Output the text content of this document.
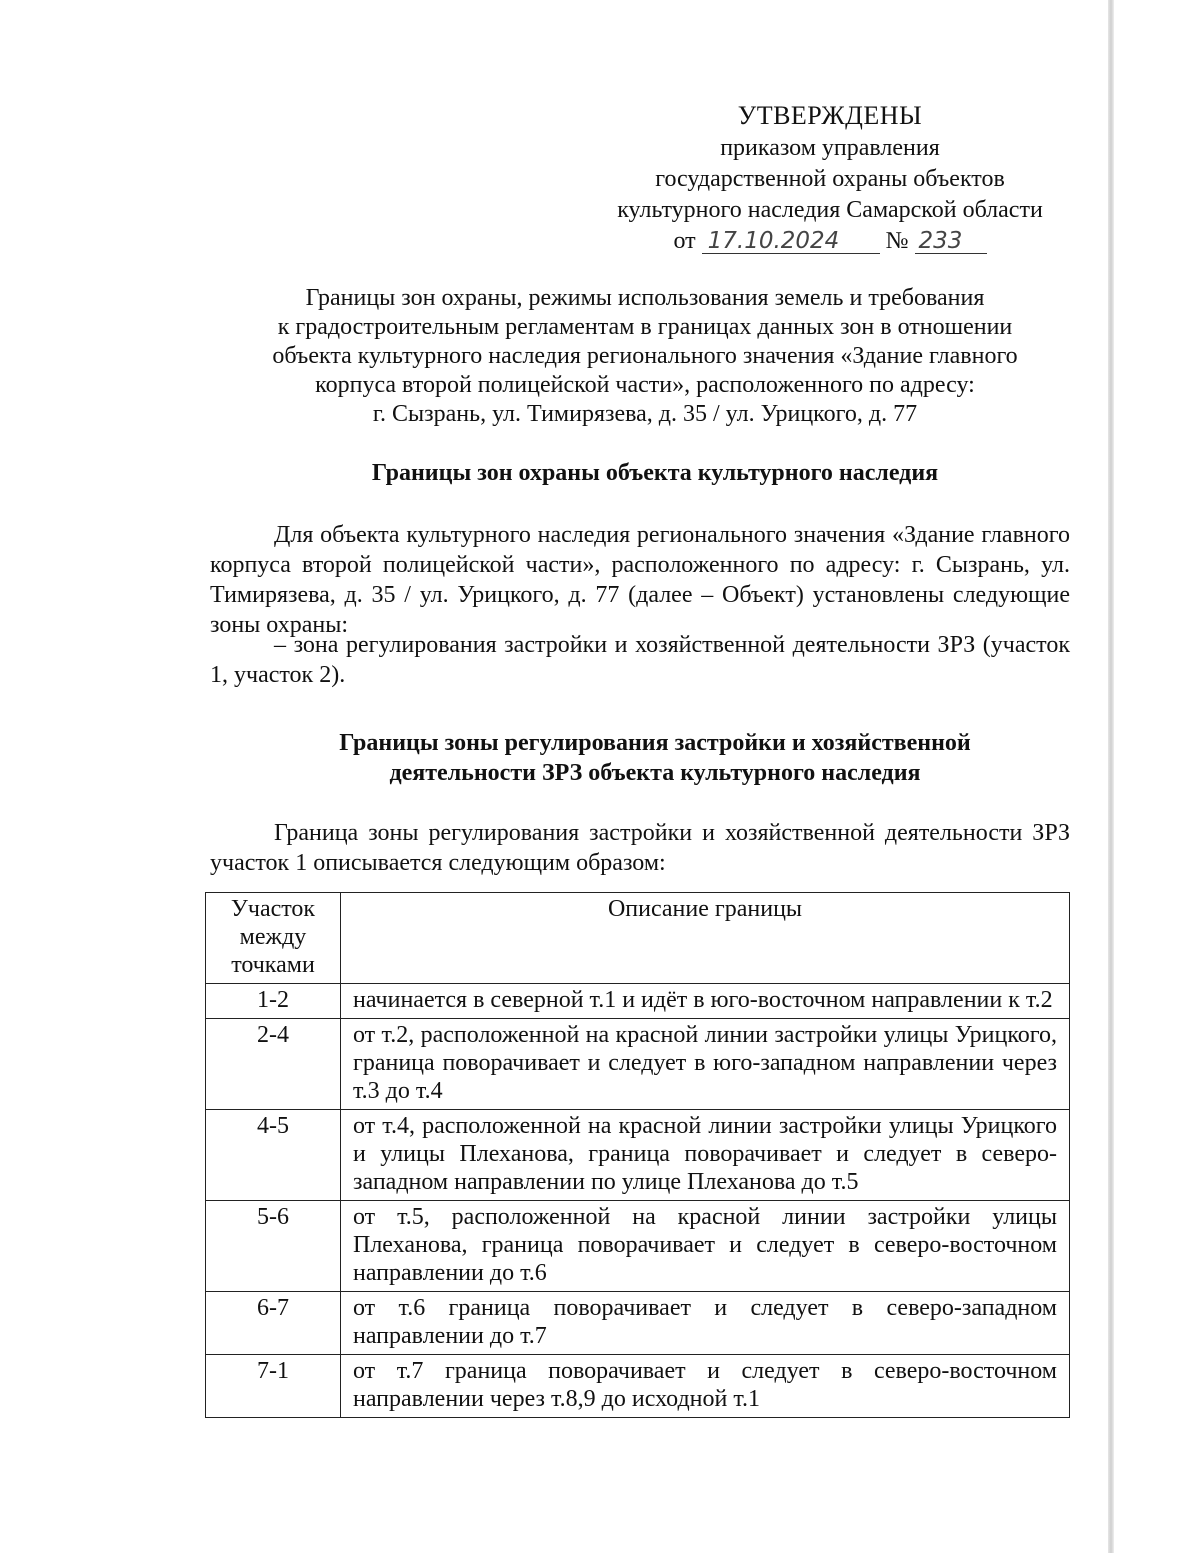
УТВЕРЖДЕНЫ
приказом управления
государственной охраны объектов
культурного наследия Самарской области
от 17.10.2024 № 233
Границы зон охраны, режимы использования земель и требования
к градостроительным регламентам в границах данных зон в отношении
объекта культурного наследия регионального значения «Здание главного
корпуса второй полицейской части», расположенного по адресу:
г. Сызрань, ул. Тимирязева, д. 35 / ул. Урицкого, д. 77
Границы зон охраны объекта культурного наследия
Для объекта культурного наследия регионального значения «Здание главного корпуса второй полицейской части», расположенного по адресу: г. Сызрань, ул. Тимирязева, д. 35 / ул. Урицкого, д. 77 (далее – Объект) установлены следующие зоны охраны:
– зона регулирования застройки и хозяйственной деятельности ЗРЗ (участок 1, участок 2).
Границы зоны регулирования застройки и хозяйственной
деятельности ЗРЗ объекта культурного наследия
Граница зоны регулирования застройки и хозяйственной деятельности ЗРЗ участок 1 описывается следующим образом:
Участок между точками	Описание границы
1-2	начинается в северной т.1 и идёт в юго-восточном направлении к т.2
2-4	от т.2, расположенной на красной линии застройки улицы Урицкого, граница поворачивает и следует в юго-западном направлении через т.3 до т.4
4-5	от т.4, расположенной на красной линии застройки улицы Урицкого и улицы Плеханова, граница поворачивает и следует в северо-западном направлении по улице Плеханова до т.5
5-6	от т.5, расположенной на красной линии застройки улицы Плеханова, граница поворачивает и следует в северо-восточном направлении до т.6
6-7	от т.6 граница поворачивает и следует в северо-западном направлении до т.7
7-1	от т.7 граница поворачивает и следует в северо-восточном направлении через т.8,9 до исходной т.1
